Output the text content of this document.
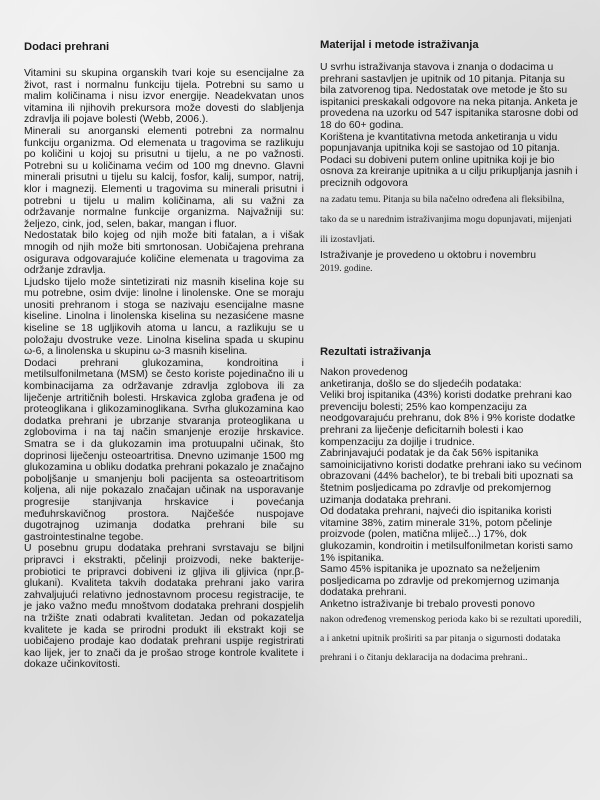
Dodaci prehrani

Vitamini su skupina organskih tvari koje su esencijalne za život, rast i normalnu funkciju tijela. Potrebni su samo u malim količinama i nisu izvor energije. Neadekvatan unos vitamina ili njihovih prekursora može dovesti do slabljenja zdravlja ili pojave bolesti (Webb, 2006.).

Minerali su anorganski elementi potrebni za normalnu funkciju organizma. Od elemenata u tragovima se razlikuju po količini u kojoj su prisutni u tijelu, a ne po važnosti. Potrebni su u količinama većim od 100 mg dnevno. Glavni minerali prisutni u tijelu su kalcij, fosfor, kalij, sumpor, natrij, klor i magnezij. Elementi u tragovima su minerali prisutni i potrebni u tijelu u malim količinama, ali su važni za održavanje normalne funkcije organizma. Najvažniji su: željezo, cink, jod, selen, bakar, mangan i fluor.

Nedostatak bilo kojeg od njih može biti fatalan, a i višak mnogih od njih može biti smrtonosan. Uobičajena prehrana osigurava odgovarajuće količine elemenata u tragovima za održanje zdravlja.

Ljudsko tijelo može sintetizirati niz masnih kiselina koje su mu potrebne, osim dvije: linolne i linolenske. One se moraju unositi prehranom i stoga se nazivaju esencijalne masne kiseline. Linolna i linolenska kiselina su nezasićene masne kiseline se 18 ugljikovih atoma u lancu, a razlikuju se u položaju dvostruke veze. Linolna kiselina spada u skupinu ω-6, a linolenska u skupinu ω-3 masnih kiselina.

Dodaci prehrani glukozamina, kondroitina i metilsulfonilmetana (MSM) se često koriste pojedinačno ili u kombinacijama za održavanje zdravlja zglobova ili za liječenje artritičnih bolesti. Hrskavica zgloba građena je od proteoglikana i glikozaminoglikana. Svrha glukozamina kao dodatka prehrani je ubrzanje stvaranja proteoglikana u zglobovima i na taj način smanjenje erozije hrskavice. Smatra se i da glukozamin ima protuupalni učinak, što doprinosi liječenju osteoartritisa. Dnevno uzimanje 1500 mg glukozamina u obliku dodatka prehrani pokazalo je značajno poboljšanje u smanjenju boli pacijenta sa osteoartritisom koljena, ali nije pokazalo značajan učinak na usporavanje progresije stanjivanja hrskavice i povećanja međuhrskavičnog prostora. Najčešće nuspojave dugotrajnog uzimanja dodatka prehrani bile su gastrointestinalne tegobe.

U posebnu grupu dodataka prehrani svrstavaju se biljni pripravci i ekstrakti, pčelinji proizvodi, neke bakterije-probiotici te pripravci dobiveni iz gljiva ili gljivica (npr.β-glukani). Kvaliteta takvih dodataka prehrani jako varira zahvaljujući relativno jednostavnom procesu registracije, te je jako važno među mnoštvom dodataka prehrani dospjelih na tržište znati odabrati kvalitetan. Jedan od pokazatelja kvalitete je kada se prirodni produkt ili ekstrakt koji se uobičajeno prodaje kao dodatak prehrani uspije registrirati kao lijek, jer to znači da je prošao stroge kontrole kvalitete i dokaze učinkovitosti.

Materijal i metode istraživanja

U svrhu istraživanja stavova i znanja o dodacima u prehrani sastavljen je upitnik od 10 pitanja. Pitanja su bila zatvorenog tipa. Nedostatak ove metode je što su ispitanici preskakali odgovore na neka pitanja. Anketa je provedena na uzorku od 547 ispitanika starosne dobi od 18 do 60+ godina.
Korištena je kvantitativna metoda anketiranja u vidu popunjavanja upitnika koji se sastojao od 10 pitanja. Podaci su dobiveni putem online upitnika koji je bio osnova za kreiranje upitnika a u cilju prikupljanja jasnih i preciznih odgovora

na zadatu temu. Pitanja su bila načelno određena ali fleksibilna, tako da se u narednim istraživanjima mogu dopunjavati, mijenjati ili izostavljati.

Istraživanje je provedeno u oktobru i novembru

2019. godine.

Rezultati istraživanja

Nakon provedenog
anketiranja, došlo se do sljedećih podataka:
Veliki broj ispitanika (43%) koristi dodatke prehrani kao prevenciju bolesti; 25% kao kompenzaciju za neodgovarajuću prehranu, dok 8% i 9% koriste dodatke prehrani za liječenje deficitarnih bolesti i kao kompenzaciju za dojilje i trudnice.
Zabrinjavajući podatak je da čak 56% ispitanika samoinicijativno koristi dodatke prehrani iako su većinom obrazovani (44% bachelor), te bi trebali biti upoznati sa štetnim posljedicama po zdravlje od prekomjernog uzimanja dodataka prehrani.
Od dodataka prehrani, najveći dio ispitanika koristi vitamine 38%, zatim minerale 31%, potom pčelinje proizvode (polen, matična mliječ...) 17%, dok glukozamin, kondroitin i metilsulfonilmetan koristi samo 1% ispitanika.
Samo 45% ispitanika je upoznato sa neželjenim posljedicama po zdravlje od prekomjernog uzimanja dodataka prehrani.
Anketno istraživanje bi trebalo provesti ponovo

nakon određenog vremenskog perioda kako bi se rezultati uporedili, a i anketni upitnik proširiti sa par pitanja o sigurnosti dodataka prehrani i o čitanju deklaracija na dodacima prehrani..
